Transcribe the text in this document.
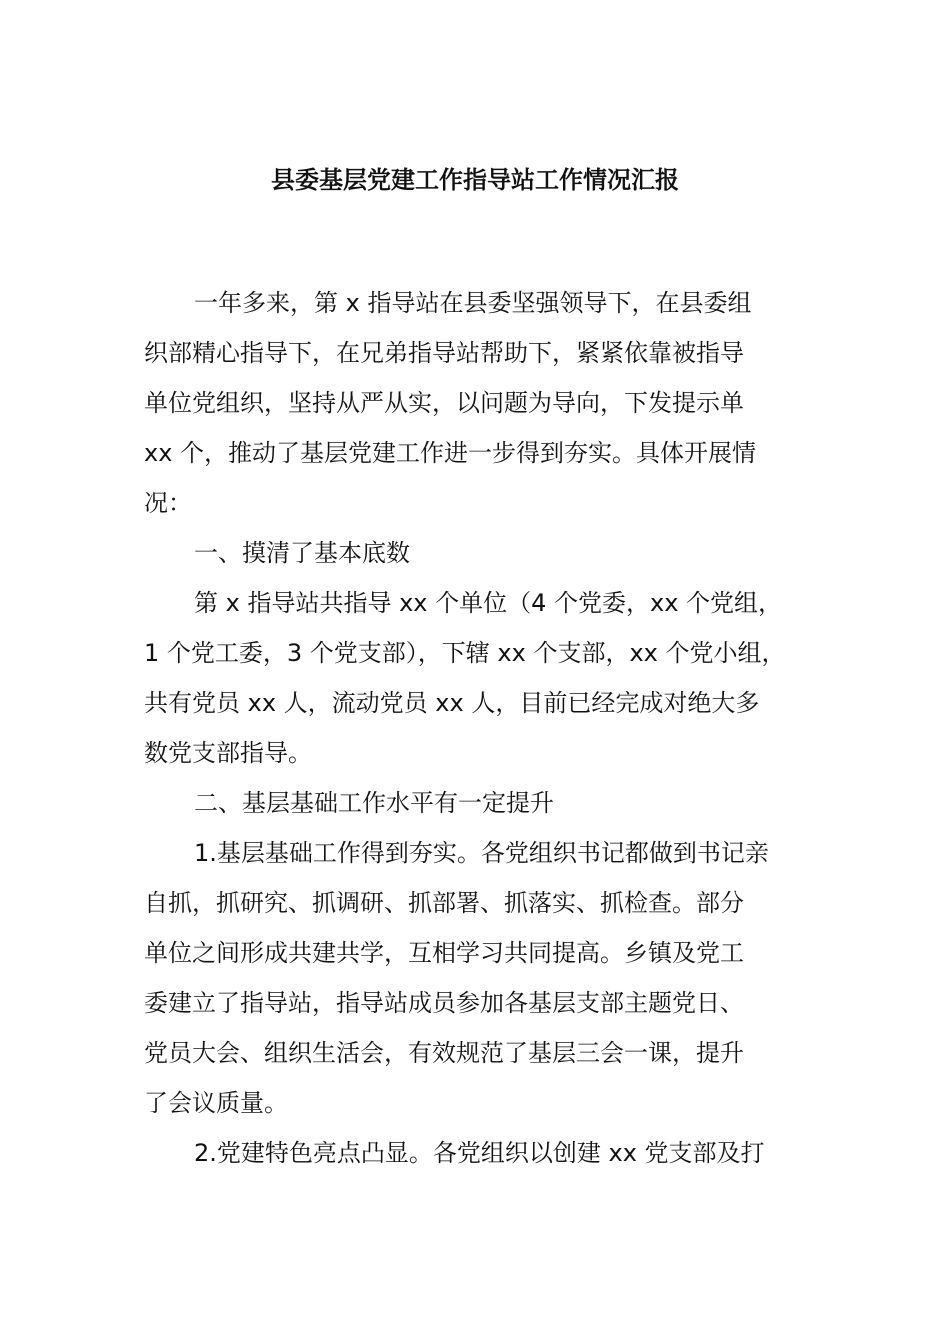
县委基层党建工作指导站工作情况汇报
一年多来，第 x 指导站在县委坚强领导下，在县委组
织部精心指导下，在兄弟指导站帮助下，紧紧依靠被指导
单位党组织，坚持从严从实，以问题为导向，下发提示单
xx 个，推动了基层党建工作进一步得到夯实。具体开展情
况：
一、摸清了基本底数
第 x 指导站共指导 xx 个单位（4 个党委，xx 个党组，
1 个党工委，3 个党支部），下辖 xx 个支部，xx 个党小组，
共有党员 xx 人，流动党员 xx 人，目前已经完成对绝大多
数党支部指导。
二、基层基础工作水平有一定提升
1.基层基础工作得到夯实。各党组织书记都做到书记亲
自抓，抓研究、抓调研、抓部署、抓落实、抓检查。部分
单位之间形成共建共学，互相学习共同提高。乡镇及党工
委建立了指导站，指导站成员参加各基层支部主题党日、
党员大会、组织生活会，有效规范了基层三会一课，提升
了会议质量。
2.党建特色亮点凸显。各党组织以创建 xx 党支部及打
